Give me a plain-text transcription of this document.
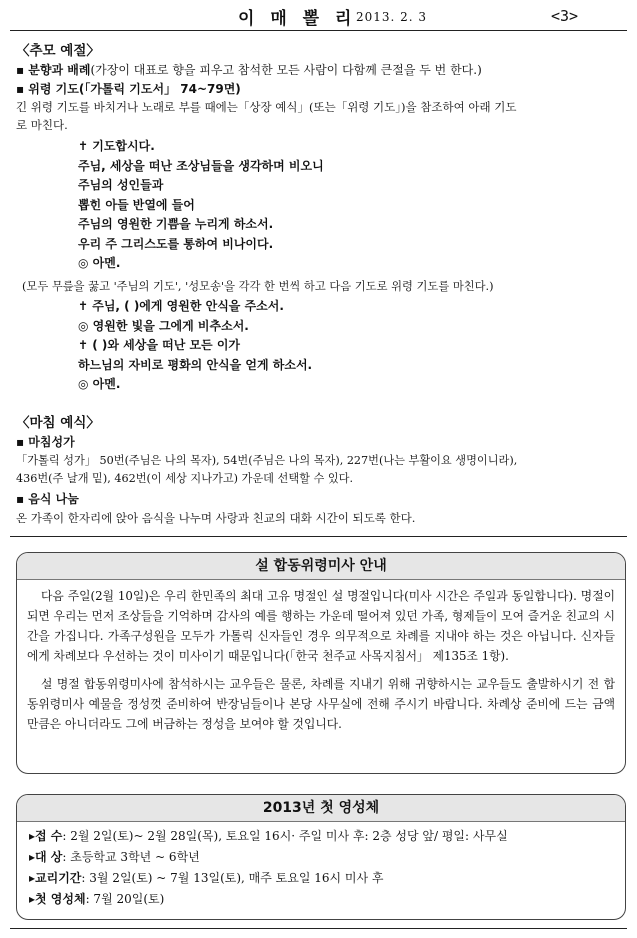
이 매 뽈 리 2013. 2. 3	<3>
〈추모 예절〉
▪ 분향과 배례(가장이 대표로 향을 피우고 참석한 모든 사람이 다함께 큰절을 두 번 한다.)
▪ 위령 기도(「가톨릭 기도서」 74~79면)
긴 위령 기도를 바치거나 노래로 부를 때에는「상장 예식」(또는「위령 기도」)을 참조하여 아래 기도
로 마친다.
✝ 기도합시다.
주님, 세상을 떠난 조상님들을 생각하며 비오니
주님의 성인들과
뽑힌 아들 반열에 들어
주님의 영원한 기쁨을 누리게 하소서.
우리 주 그리스도를 통하여 비나이다.
◎ 아멘.
(모두 무릎을 꿇고 '주님의 기도', '성모송'을 각각 한 번씩 하고 다음 기도로 위령 기도를 마친다.)
✝ 주님, ( )에게 영원한 안식을 주소서.
◎ 영원한 빛을 그에게 비추소서.
✝ ( )와 세상을 떠난 모든 이가
하느님의 자비로 평화의 안식을 얻게 하소서.
◎ 아멘.
〈마침 예식〉
▪ 마침성가
「가톨릭 성가」 50번(주님은 나의 목자), 54번(주님은 나의 목자), 227번(나는 부활이요 생명이니라),
436번(주 날개 밑), 462번(이 세상 지나가고) 가운데 선택할 수 있다.
▪ 음식 나눔
온 가족이 한자리에 앉아 음식을 나누며 사랑과 친교의 대화 시간이 되도록 한다.
설 합동위령미사 안내

다음 주일(2월 10일)은 우리 한민족의 최대 고유 명절인 설 명절입니다(미사 시간은 주일과 동일합니다). 명절이 되면 우리는 먼저 조상들을 기억하며 감사의 예를 행하는 가운데 떨어져 있던 가족, 형제들이 모여 즐거운 친교의 시간을 가집니다. 가족구성원을 모두가 가톨릭 신자들인 경우 의무적으로 차례를 지내야 하는 것은 아닙니다. 신자들에게 차례보다 우선하는 것이 미사이기 때문입니다(「한국 천주교 사목지침서」 제135조 1항).

설 명절 합동위령미사에 참석하시는 교우들은 물론, 차례를 지내기 위해 귀향하시는 교우들도 출발하시기 전 합동위령미사 예물을 정성껏 준비하여 반장님들이나 본당 사무실에 전해 주시기 바랍니다. 차례상 준비에 드는 금액만큼은 아니더라도 그에 버금하는 정성을 보여야 할 것입니다.

2013년 첫 영성체
▸접 수: 2월 2일(토)~ 2월 28일(목), 토요일 16시· 주일 미사 후: 2층 성당 앞/ 평일: 사무실
▸대 상: 초등학교 3학년 ~ 6학년
▸교리기간: 3월 2일(토) ~ 7월 13일(토), 매주 토요일 16시 미사 후
▸첫 영성체: 7월 20일(토)
